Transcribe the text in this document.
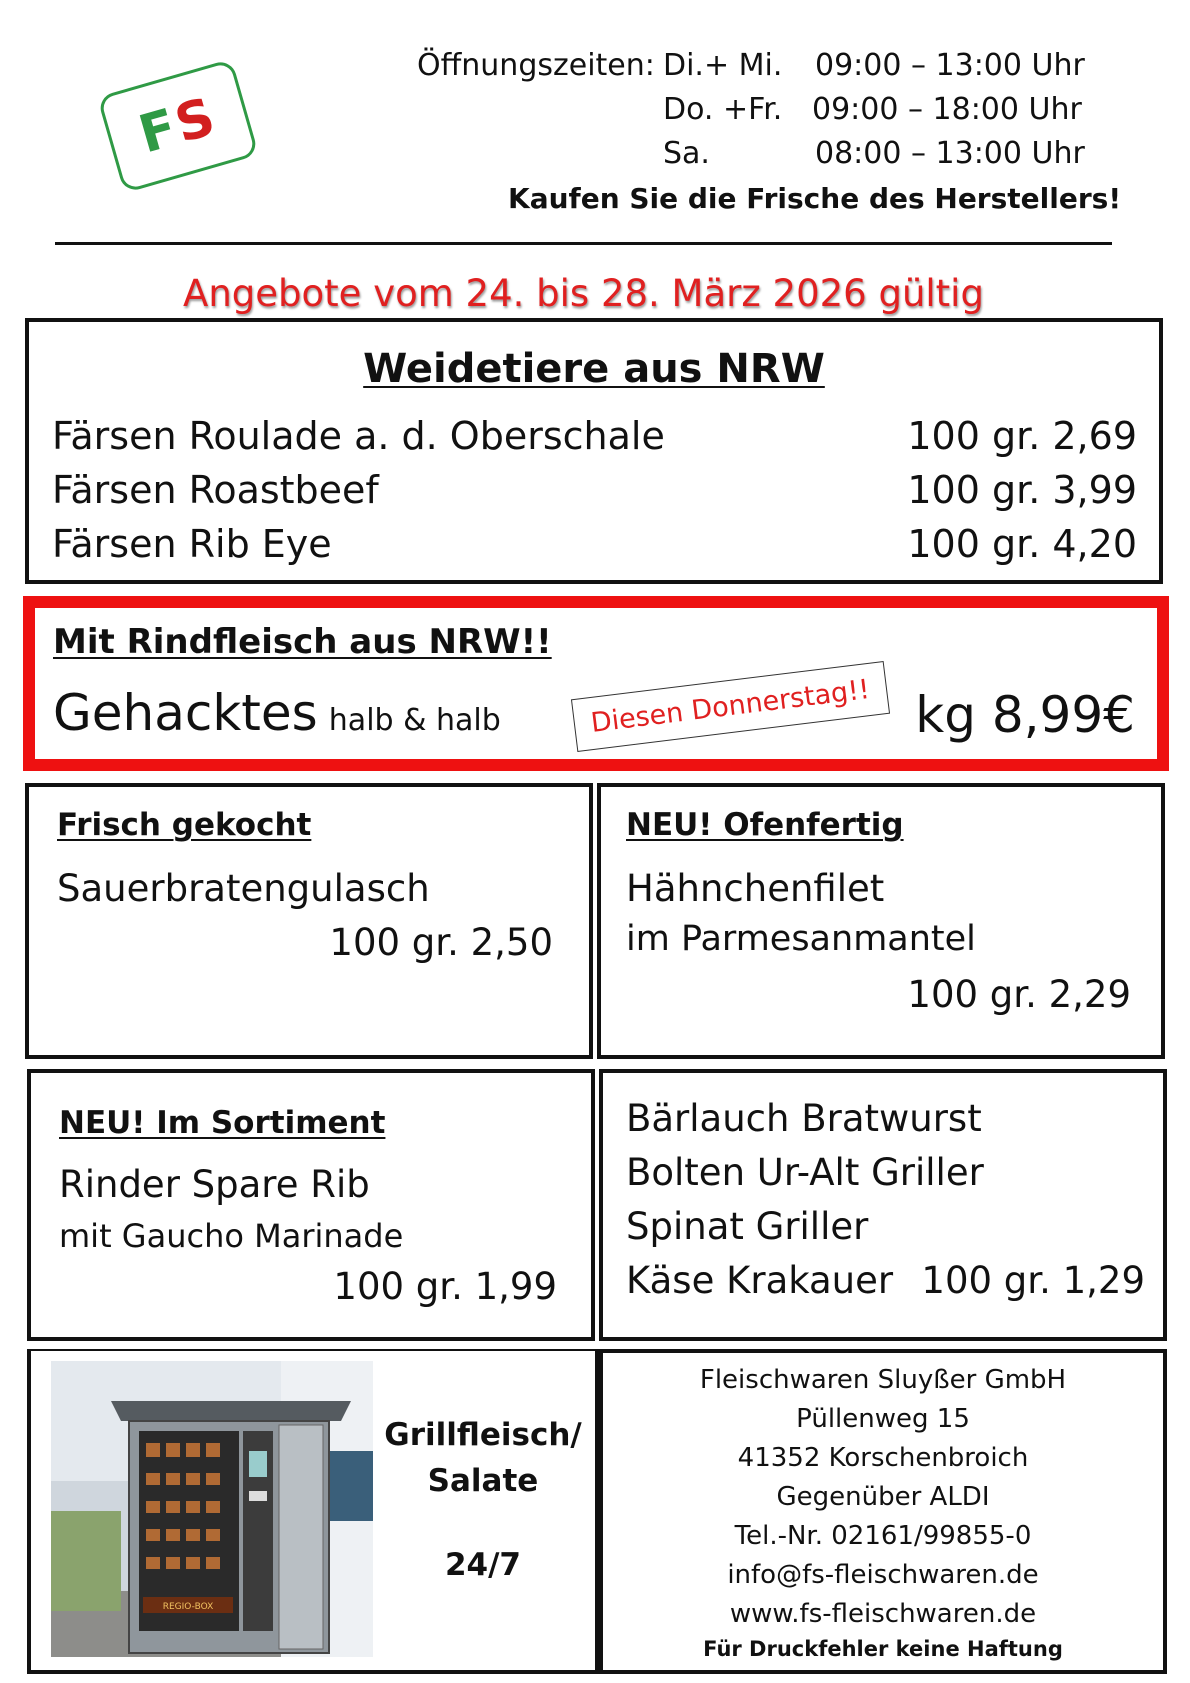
F
S
Öffnungszeiten: Di.+ Mi. 09:00 – 13:00 Uhr
Do. +Fr. 09:00 – 18:00 Uhr
Sa.	08:00 – 13:00 Uhr
Kaufen Sie die Frische des Herstellers!
Angebote vom 24. bis 28. März 2026 gültig
Weidetiere aus NRW
Färsen Roulade a. d. Oberschale	100 gr. 2,69
Färsen Roastbeef	100 gr. 3,99
Färsen Rib Eye	100 gr. 4,20
Mit Rindfleisch aus NRW!!
Gehacktes halb & halb	Diesen Donnerstag!! kg 8,99€
Frisch gekocht
Sauerbratengulasch
100 gr. 2,50
NEU! Ofenfertig
Hähnchenfilet
im Parmesanmantel
100 gr. 2,29
NEU! Im Sortiment
Rinder Spare Rib
mit Gaucho Marinade
100 gr. 1,99
Bärlauch Bratwurst
Bolten Ur-Alt Griller
Spinat Griller
Käse Krakauer 100 gr. 1,29
REGIO-BOX
Grillfleisch/
Salate
24/7
Fleischwaren Sluyßer GmbH
Püllenweg 15
41352 Korschenbroich
Gegenüber ALDI
Tel.-Nr. 02161/99855-0
info@fs-fleischwaren.de
www.fs-fleischwaren.de
Für Druckfehler keine Haftung
